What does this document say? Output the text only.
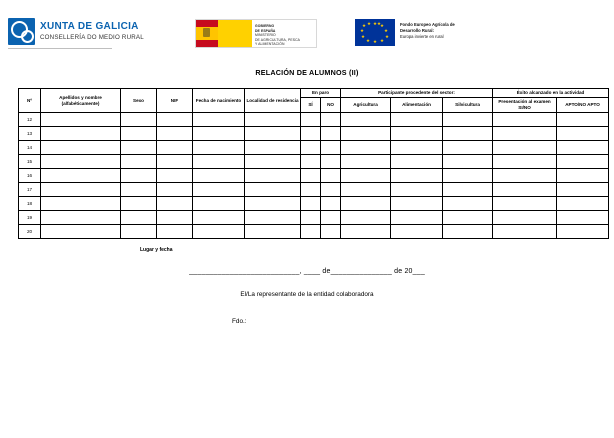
XUNTA DE GALICIA
CONSELLERÍA DO MEDIO RURAL
GOBIERNO
DE ESPAÑA
MINISTERIO
DE AGRICULTURA, PESCA
Y ALIMENTACIÓN
★ ★
★
★
★
★
★
★
★
★ ★ ★	Fondo Europeo Agrícola de
Desarrollo Rural:
Europa invierte en rural
RELACIÓN DE ALUMNOS (II)
Nº	Apellidos y nombre (alfabéticamente)	Sexo	NIF	Fecha de nacimiento	Localidad de residencia	En paro		Participante procedente del sector:			Éxito alcanzado en la actividad	
						SÍ	NO	Agricultura	Alimentación	Silvicultura	Presentación al examen SI/NO	APTO/NO APTO
12												
13												
14												
15												
16												
17												
18												
19												
20												
Lugar y fecha
___________________________, ____ de_______________ de 20___
El/La representante de la entidad colaboradora
Fdo.:
